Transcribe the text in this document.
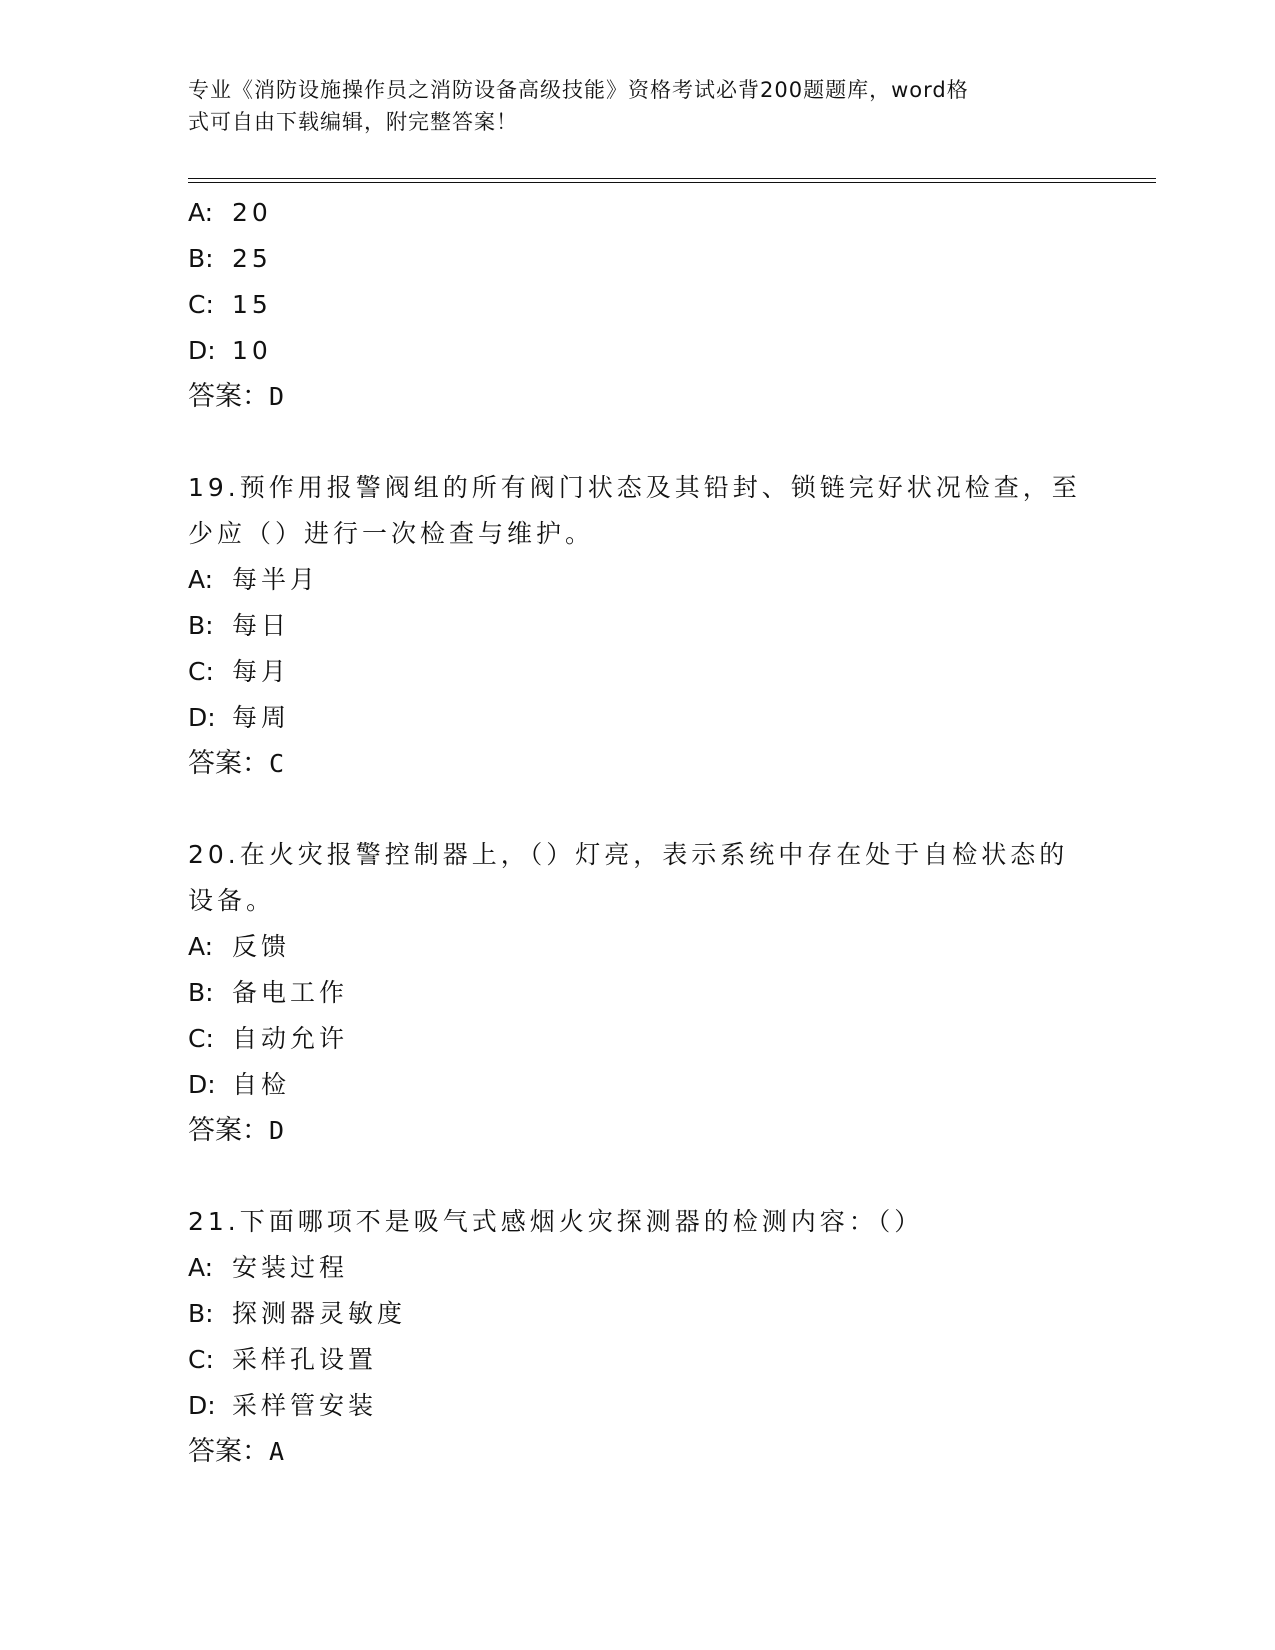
专业《消防设施操作员之消防设备高级技能》资格考试必背200题题库，word格
式可自由下载编辑，附完整答案！
A: 20
B: 25
C: 15
D: 10
答案：D
19.预作用报警阀组的所有阀门状态及其铅封、锁链完好状况检查，至
少应（）进行一次检查与维护。
A: 每半月
B: 每日
C: 每月
D: 每周
答案：C
20.在火灾报警控制器上，（）灯亮，表示系统中存在处于自检状态的
设备。
A: 反馈
B: 备电工作
C: 自动允许
D: 自检
答案：D
21.下面哪项不是吸气式感烟火灾探测器的检测内容：（）
A: 安装过程
B: 探测器灵敏度
C: 采样孔设置
D: 采样管安装
答案：A
